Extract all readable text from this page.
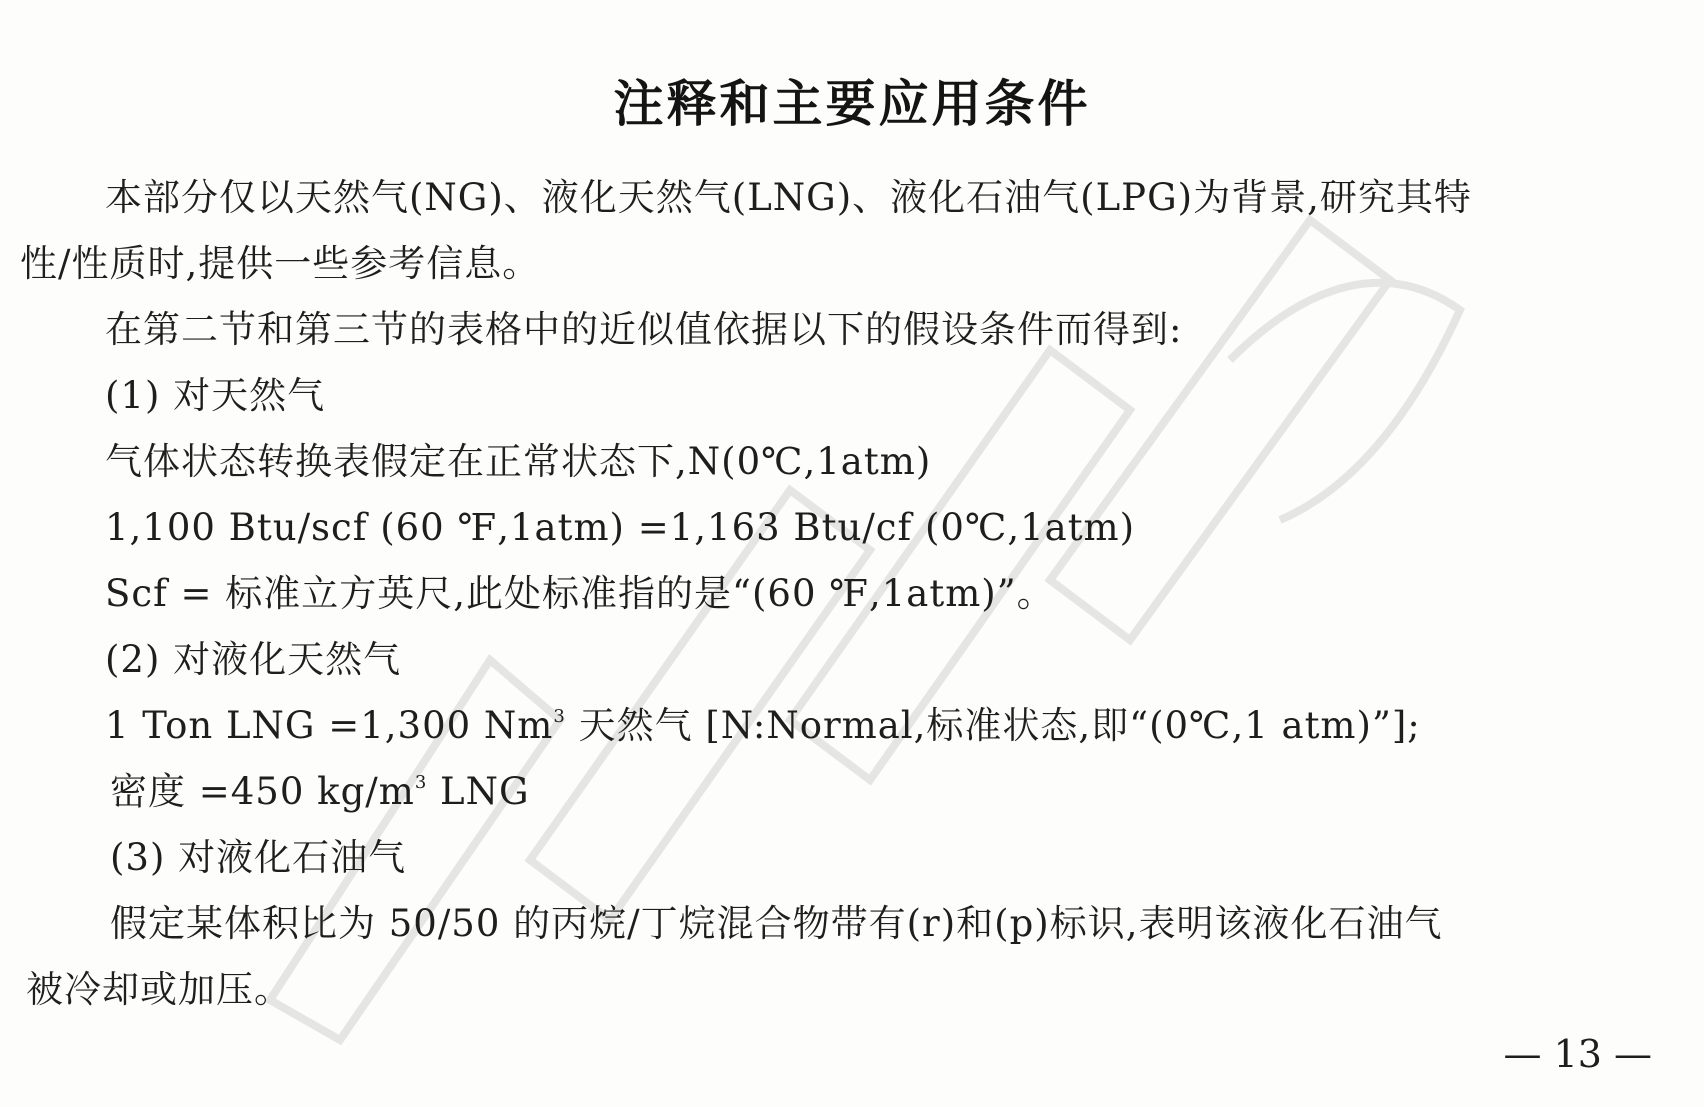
注释和主要应用条件
本部分仅以天然气(NG)、液化天然气(LNG)、液化石油气(LPG)为背景,研究其特
性/性质时,提供一些参考信息。
在第二节和第三节的表格中的近似值依据以下的假设条件而得到:
(1) 对天然气
气体状态转换表假定在正常状态下,N(0℃,1atm)
1,100 Btu/scf (60 ℉,1atm) =1,163 Btu/cf (0℃,1atm)
Scf = 标准立方英尺,此处标准指的是“(60 ℉,1atm)”。
(2) 对液化天然气
1 Ton LNG =1,300 Nm$^3$ 天然气 [N:Normal,标准状态,即“(0℃,1 atm)”];
密度 =450 $kg/m^3$ LNG
(3) 对液化石油气
假定某体积比为 50/50 的丙烷/丁烷混合物带有(r)和(p)标识,表明该液化石油气
被冷却或加压。
— 13 —
